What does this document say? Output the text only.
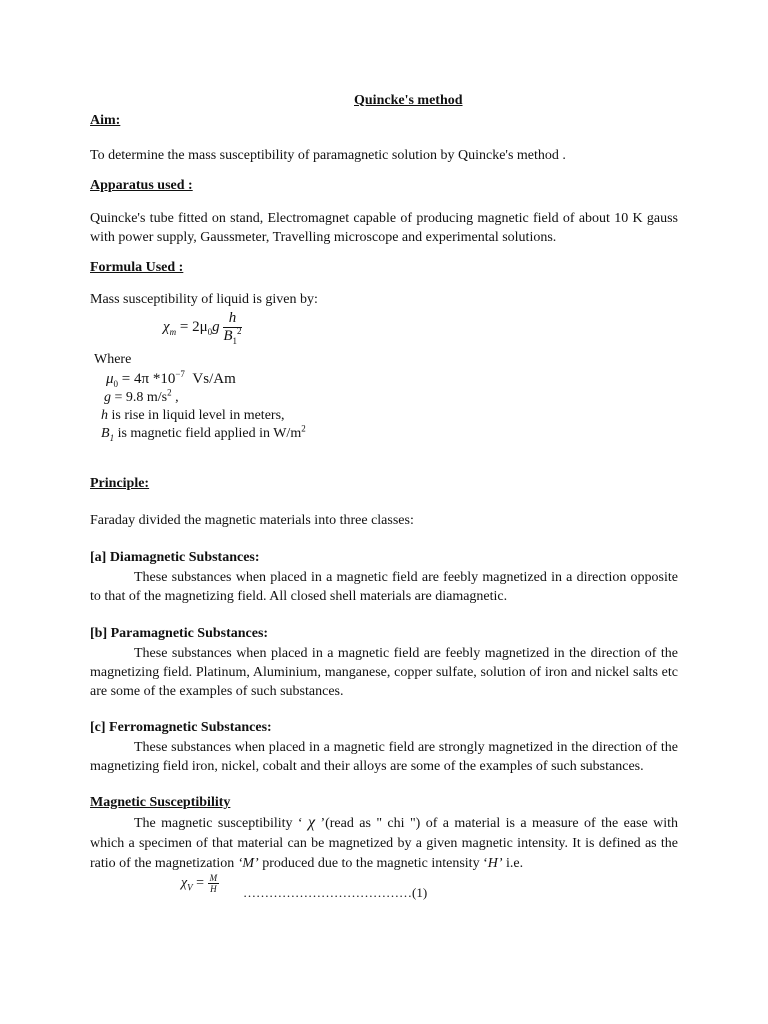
Quincke's method
Aim:
To determine the mass susceptibility of paramagnetic solution by Quincke's method .
Apparatus used :
Quincke's tube fitted on stand, Electromagnet capable of producing magnetic field of about 10 K gauss with power supply, Gaussmeter, Travelling microscope and experimental solutions.
Formula Used :
Mass susceptibility of liquid is given by:
$\chi_m = 2\mu_0g \frac{h}{B_1^2}$
Where
$\mu_0 = 4\pi$ $*10^{-7}$ Vs/Am
g = 9.8 $m/s^2$ ,
h is rise in liquid level in meters,
$B_1$ is magnetic field applied in $W/m^2$
Principle:
Faraday divided the magnetic materials into three classes:
[a] Diamagnetic Substances:
These substances when placed in a magnetic field are feebly magnetized in a direction opposite to that of the magnetizing field. All closed shell materials are diamagnetic.
[b] Paramagnetic Substances:
These substances when placed in a magnetic field are feebly magnetized in the direction of the magnetizing field. Platinum, Aluminium, manganese, copper sulfate, solution of iron and nickel salts etc are some of the examples of such substances.
[c] Ferromagnetic Substances:
These substances when placed in a magnetic field are strongly magnetized in the direction of the magnetizing field iron, nickel, cobalt and their alloys are some of the examples of such substances.
Magnetic Susceptibility
The magnetic susceptibility ‘ χ ’(read as " chi ") of a material is a measure of the ease with which a specimen of that material can be magnetized by a given magnetic intensity. It is defined as the ratio of the magnetization ‘M’ produced due to the magnetic intensity ‘H’ i.e.
$\chi_V = \frac{M}{H}$ …………………………………(1)
